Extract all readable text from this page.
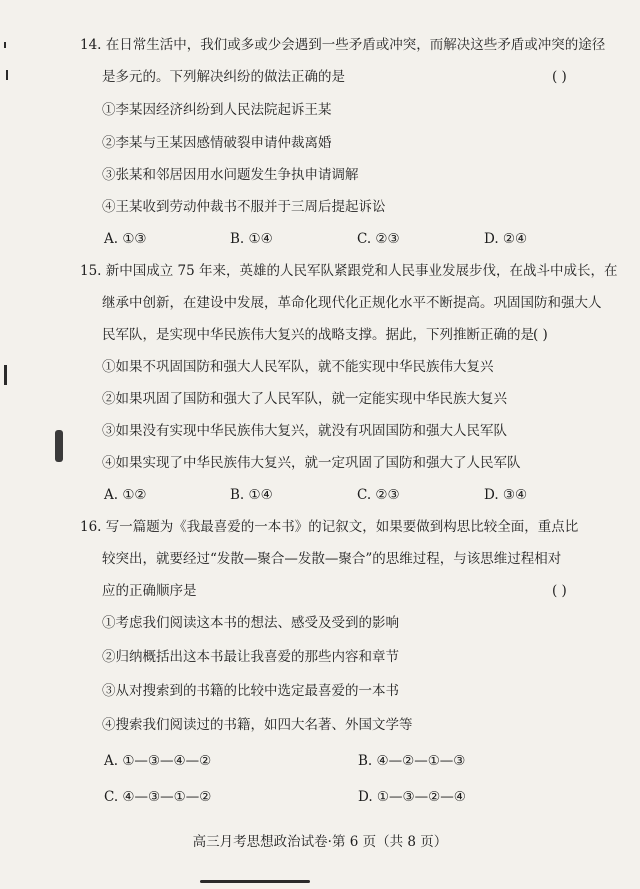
14. 在日常生活中，我们或多或少会遇到一些矛盾或冲突，而解决这些矛盾或冲突的途径
是多元的。下列解决纠纷的做法正确的是	( )
①李某因经济纠纷到人民法院起诉王某
②李某与王某因感情破裂申请仲裁离婚
③张某和邻居因用水问题发生争执申请调解
④王某收到劳动仲裁书不服并于三周后提起诉讼
A. ①③	B. ①④	C. ②③	D. ②④
15. 新中国成立 75 年来，英雄的人民军队紧跟党和人民事业发展步伐，在战斗中成长，在
继承中创新，在建设中发展，革命化现代化正规化水平不断提高。巩固国防和强大人
民军队，是实现中华民族伟大复兴的战略支撑。据此，下列推断正确的是 ( )
①如果不巩固国防和强大人民军队，就不能实现中华民族伟大复兴
②如果巩固了国防和强大了人民军队，就一定能实现中华民族大复兴
③如果没有实现中华民族伟大复兴，就没有巩固国防和强大人民军队
④如果实现了中华民族伟大复兴，就一定巩固了国防和强大了人民军队
A. ①②	B. ①④	C. ②③	D. ③④
16. 写一篇题为《我最喜爱的一本书》的记叙文，如果要做到构思比较全面，重点比
较突出，就要经过“发散—聚合—发散—聚合”的思维过程，与该思维过程相对
应的正确顺序是	( )
①考虑我们阅读这本书的想法、感受及受到的影响
②归纳概括出这本书最让我喜爱的那些内容和章节
③从对搜索到的书籍的比较中选定最喜爱的一本书
④搜索我们阅读过的书籍，如四大名著、外国文学等
A. ①—③—④—②	B. ④—②—①—③
C. ④—③—①—②	D. ①—③—②—④
高三月考思想政治试卷·第 6 页（共 8 页）
